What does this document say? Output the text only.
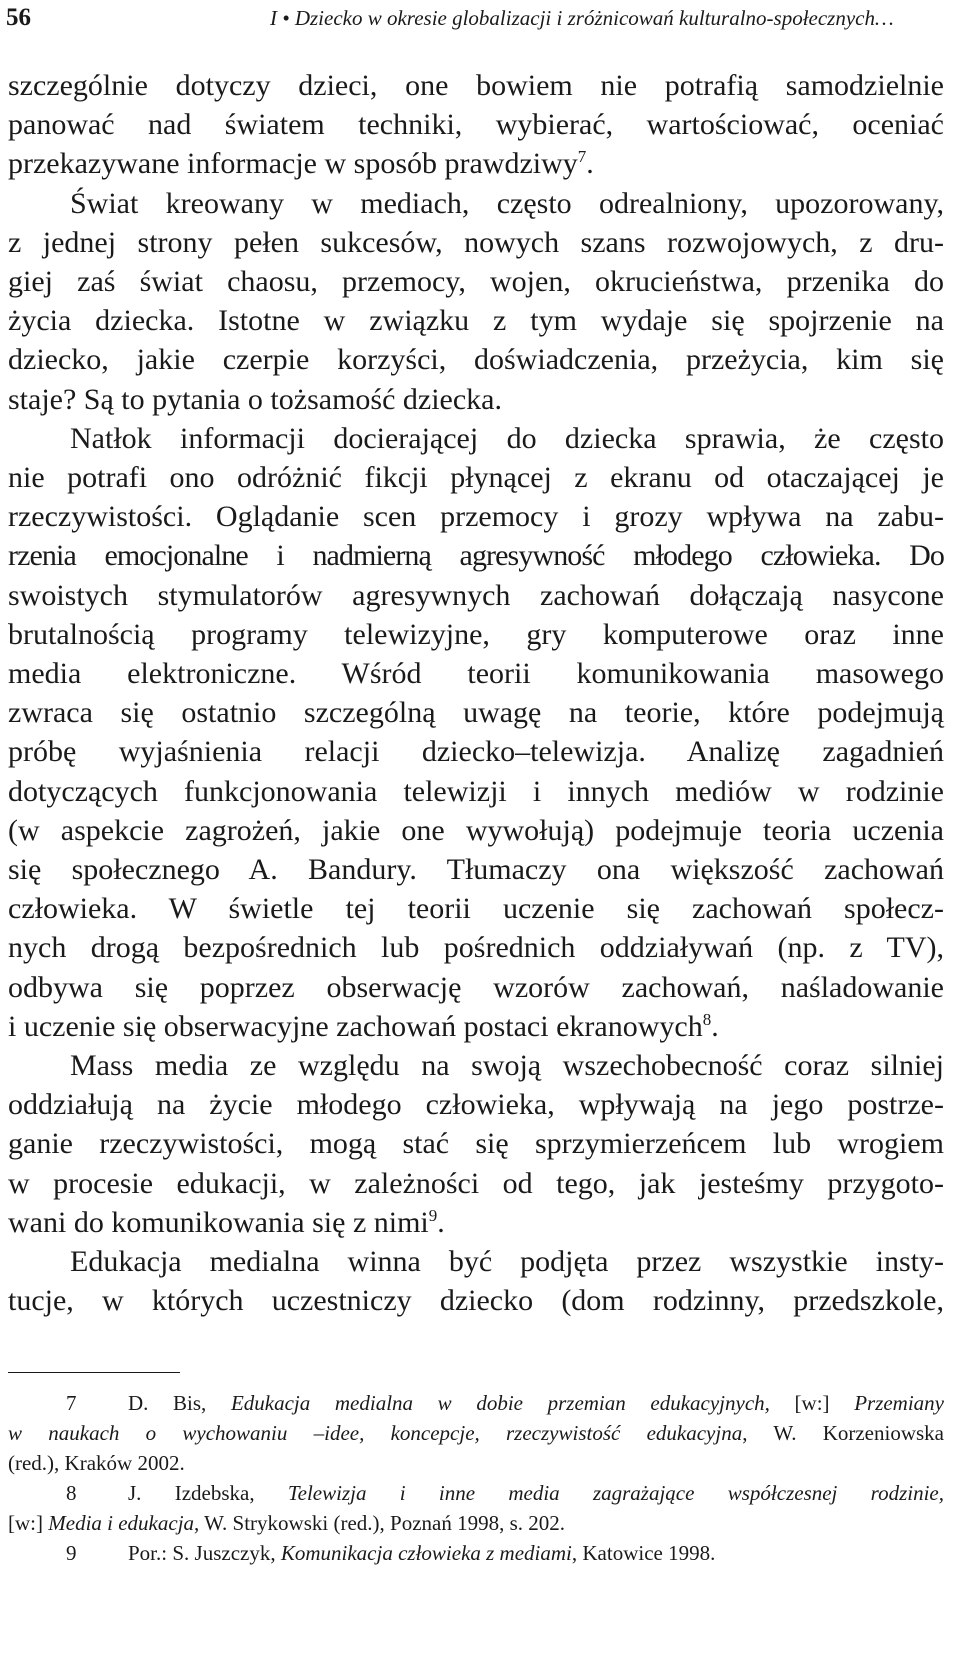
56	I • Dziecko w okresie globalizacji i zróżnicowań kulturalno-społecznych…
szczególnie dotyczy dzieci, one bowiem nie potrafią samodzielnie
panować nad światem techniki, wybierać, wartościować, oceniać
przekazywane informacje w sposób prawdziwy$^7$.
Świat kreowany w mediach, często odrealniony, upozorowany,
z jednej strony pełen sukcesów, nowych szans rozwojowych, z dru-
giej zaś świat chaosu, przemocy, wojen, okrucieństwa, przenika do
życia dziecka. Istotne w związku z tym wydaje się spojrzenie na
dziecko, jakie czerpie korzyści, doświadczenia, przeżycia, kim się
staje? Są to pytania o tożsamość dziecka.
Natłok informacji docierającej do dziecka sprawia, że często
nie potrafi ono odróżnić fikcji płynącej z ekranu od otaczającej je
rzeczywistości. Oglądanie scen przemocy i grozy wpływa na zabu-
rzenia emocjonalne i nadmierną agresywność młodego człowieka. Do
swoistych stymulatorów agresywnych zachowań dołączają nasycone
brutalnością programy telewizyjne, gry komputerowe oraz inne
media elektroniczne. Wśród teorii komunikowania masowego
zwraca się ostatnio szczególną uwagę na teorie, które podejmują
próbę wyjaśnienia relacji dziecko–telewizja. Analizę zagadnień
dotyczących funkcjonowania telewizji i innych mediów w rodzinie
(w aspekcie zagrożeń, jakie one wywołują) podejmuje teoria uczenia
się społecznego A. Bandury. Tłumaczy ona większość zachowań
człowieka. W świetle tej teorii uczenie się zachowań społecz-
nych drogą bezpośrednich lub pośrednich oddziaływań (np. z TV),
odbywa się poprzez obserwację wzorów zachowań, naśladowanie
i uczenie się obserwacyjne zachowań postaci ekranowych$^8$.
Mass media ze względu na swoją wszechobecność coraz silniej
oddziałują na życie młodego człowieka, wpływają na jego postrze-
ganie rzeczywistości, mogą stać się sprzymierzeńcem lub wrogiem
w procesie edukacji, w zależności od tego, jak jesteśmy przygoto-
wani do komunikowania się z nimi$^9$.
Edukacja medialna winna być podjęta przez wszystkie insty-
tucje, w których uczestniczy dziecko (dom rodzinny, przedszkole,
7 D. Bis, Edukacja medialna w dobie przemian edukacyjnych, [w:] Przemiany
w naukach o wychowaniu –idee, koncepcje, rzeczywistość edukacyjna, W. Korzeniowska
(red.), Kraków 2002.
8 J. Izdebska, Telewizja i inne media zagrażające współczesnej rodzinie,
[w:] Media i edukacja, W. Strykowski (red.), Poznań 1998, s. 202.
9 Por.: S. Juszczyk, Komunikacja człowieka z mediami, Katowice 1998.
